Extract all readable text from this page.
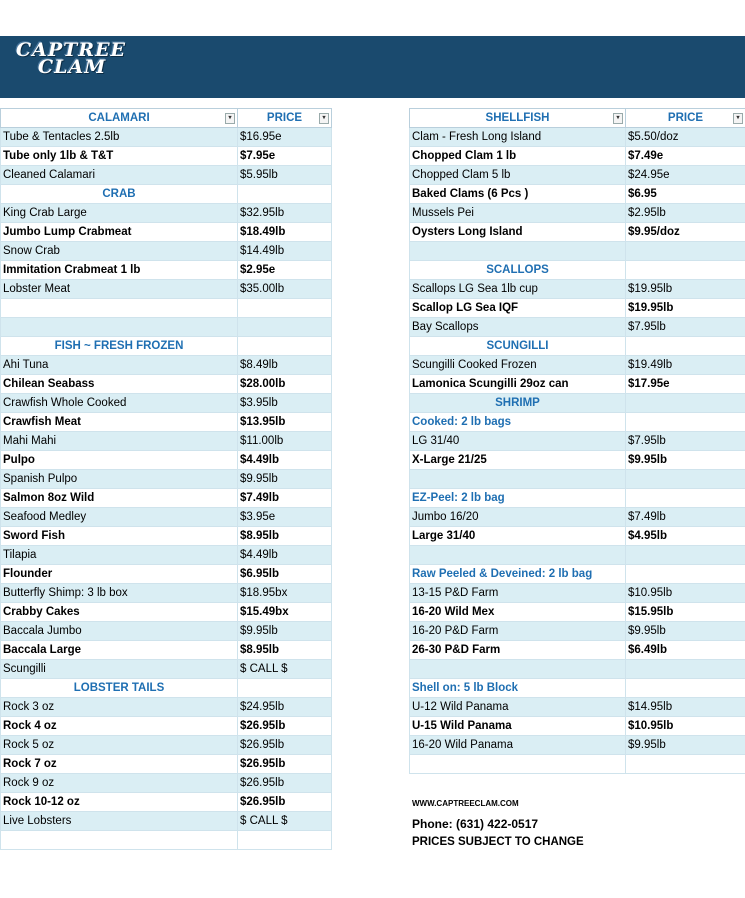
CAPTREE
CLAM
CALAMARI ▾	PRICE ▾

Tube & Tentacles 2.5lb	$16.95e
Tube only 1lb & T&T	$7.95e
Cleaned Calamari	$5.95lb
CRAB	
King Crab Large	$32.95lb
Jumbo Lump Crabmeat	$18.49lb
Snow Crab	$14.49lb
Immitation Crabmeat 1 lb	$2.95e
Lobster Meat	$35.00lb

FISH ~ FRESH FROZEN	
Ahi Tuna	$8.49lb
Chilean Seabass	$28.00lb
Crawfish Whole Cooked	$3.95lb
Crawfish Meat	$13.95lb
Mahi Mahi	$11.00lb
Pulpo	$4.49lb
Spanish Pulpo	$9.95lb
Salmon 8oz Wild	$7.49lb
Seafood Medley	$3.95e
Sword Fish	$8.95lb
Tilapia	$4.49lb
Flounder	$6.95lb
Butterfly Shimp: 3 lb box	$18.95bx
Crabby Cakes	$15.49bx
Baccala Jumbo	$9.95lb
Baccala Large	$8.95lb
Scungilli	$ CALL $
LOBSTER TAILS	
Rock 3 oz	$24.95lb
Rock 4 oz	$26.95lb
Rock 5 oz	$26.95lb
Rock 7 oz	$26.95lb
Rock 9 oz	$26.95lb
Rock 10-12 oz	$26.95lb
Live Lobsters	$ CALL $

SHELLFISH ▾	PRICE ▾

Clam - Fresh Long Island	$5.50/doz
Chopped Clam 1 lb	$7.49e
Chopped Clam 5 lb	$24.95e
Baked Clams (6 Pcs )	$6.95
Mussels Pei	$2.95lb
Oysters Long Island	$9.95/doz

SCALLOPS	
Scallops LG Sea 1lb cup	$19.95lb
Scallop LG Sea IQF	$19.95lb
Bay Scallops	$7.95lb
SCUNGILLI	
Scungilli Cooked Frozen	$19.49lb
Lamonica Scungilli 29oz can	$17.95e
SHRIMP	
Cooked: 2 lb bags	
LG 31/40	$7.95lb
X-Large 21/25	$9.95lb

EZ-Peel: 2 lb bag	
Jumbo 16/20	$7.49lb
Large 31/40	$4.95lb

Raw Peeled & Deveined: 2 lb bag	
13-15 P&D Farm	$10.95lb
16-20 Wild Mex	$15.95lb
16-20 P&D Farm	$9.95lb
26-30 P&D Farm	$6.49lb

Shell on: 5 lb Block	
U-12 Wild Panama	$14.95lb
U-15 Wild Panama	$10.95lb
16-20 Wild Panama	$9.95lb

WWW.CAPTREECLAM.COM
Phone: (631) 422-0517
PRICES SUBJECT TO CHANGE
